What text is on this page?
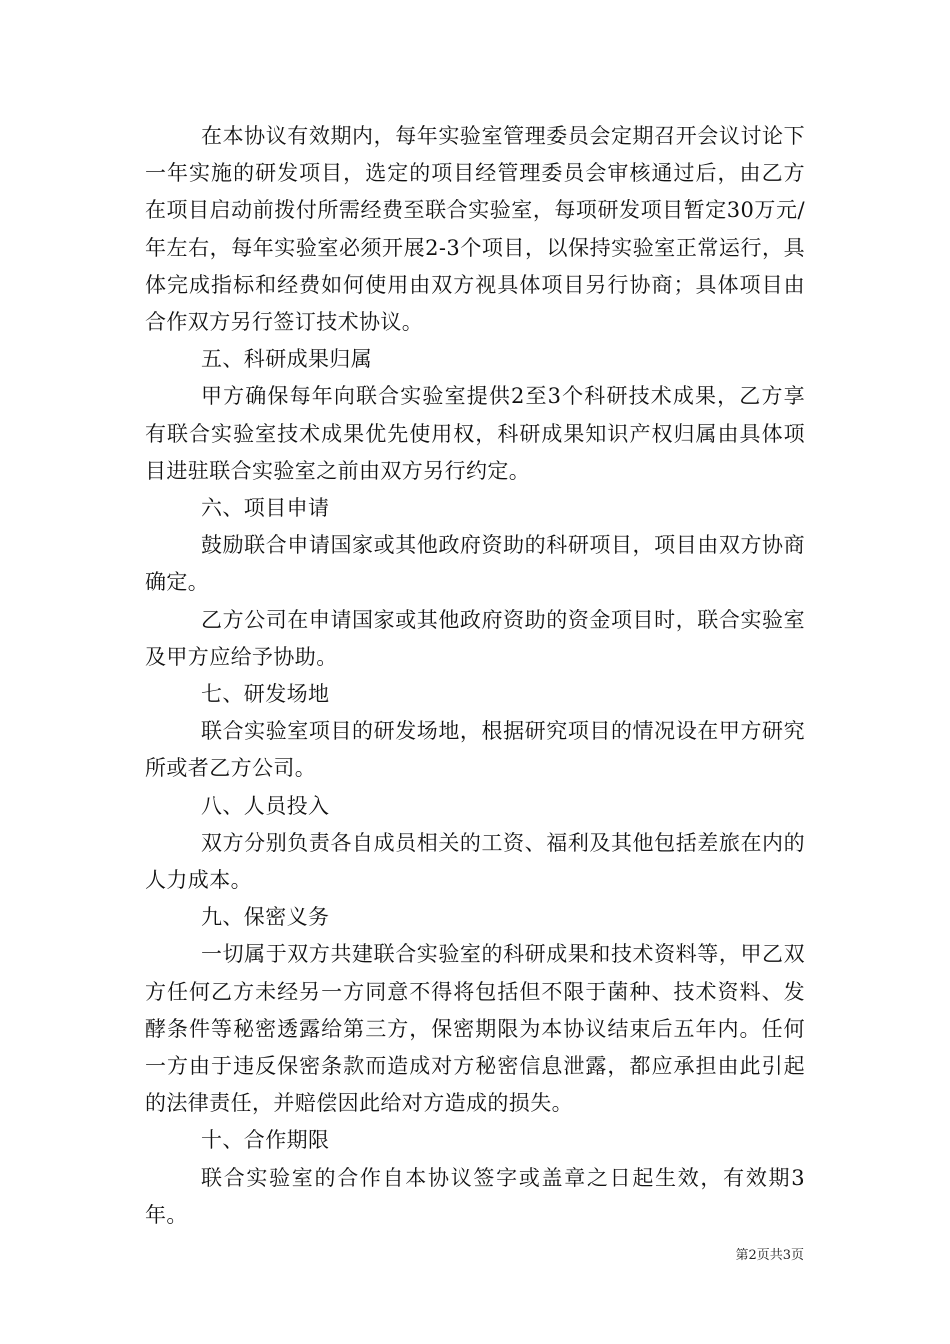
在本协议有效期内，每年实验室管理委员会定期召开会议讨论下一年实施的研发项目，选定的项目经管理委员会审核通过后，由乙方在项目启动前拨付所需经费至联合实验室，每项研发项目暂定30万元/年左右，每年实验室必须开展2-3个项目，以保持实验室正常运行，具体完成指标和经费如何使用由双方视具体项目另行协商；具体项目由合作双方另行签订技术协议。

五、科研成果归属

甲方确保每年向联合实验室提供2至3个科研技术成果，乙方享有联合实验室技术成果优先使用权，科研成果知识产权归属由具体项目进驻联合实验室之前由双方另行约定。

六、项目申请

鼓励联合申请国家或其他政府资助的科研项目，项目由双方协商确定。

乙方公司在申请国家或其他政府资助的资金项目时，联合实验室及甲方应给予协助。

七、研发场地

联合实验室项目的研发场地，根据研究项目的情况设在甲方研究所或者乙方公司。

八、人员投入

双方分别负责各自成员相关的工资、福利及其他包括差旅在内的人力成本。

九、保密义务

一切属于双方共建联合实验室的科研成果和技术资料等，甲乙双方任何乙方未经另一方同意不得将包括但不限于菌种、技术资料、发酵条件等秘密透露给第三方，保密期限为本协议结束后五年内。任何一方由于违反保密条款而造成对方秘密信息泄露，都应承担由此引起的法律责任，并赔偿因此给对方造成的损失。

十、合作期限

联合实验室的合作自本协议签字或盖章之日起生效，有效期3年。

第2页共3页
